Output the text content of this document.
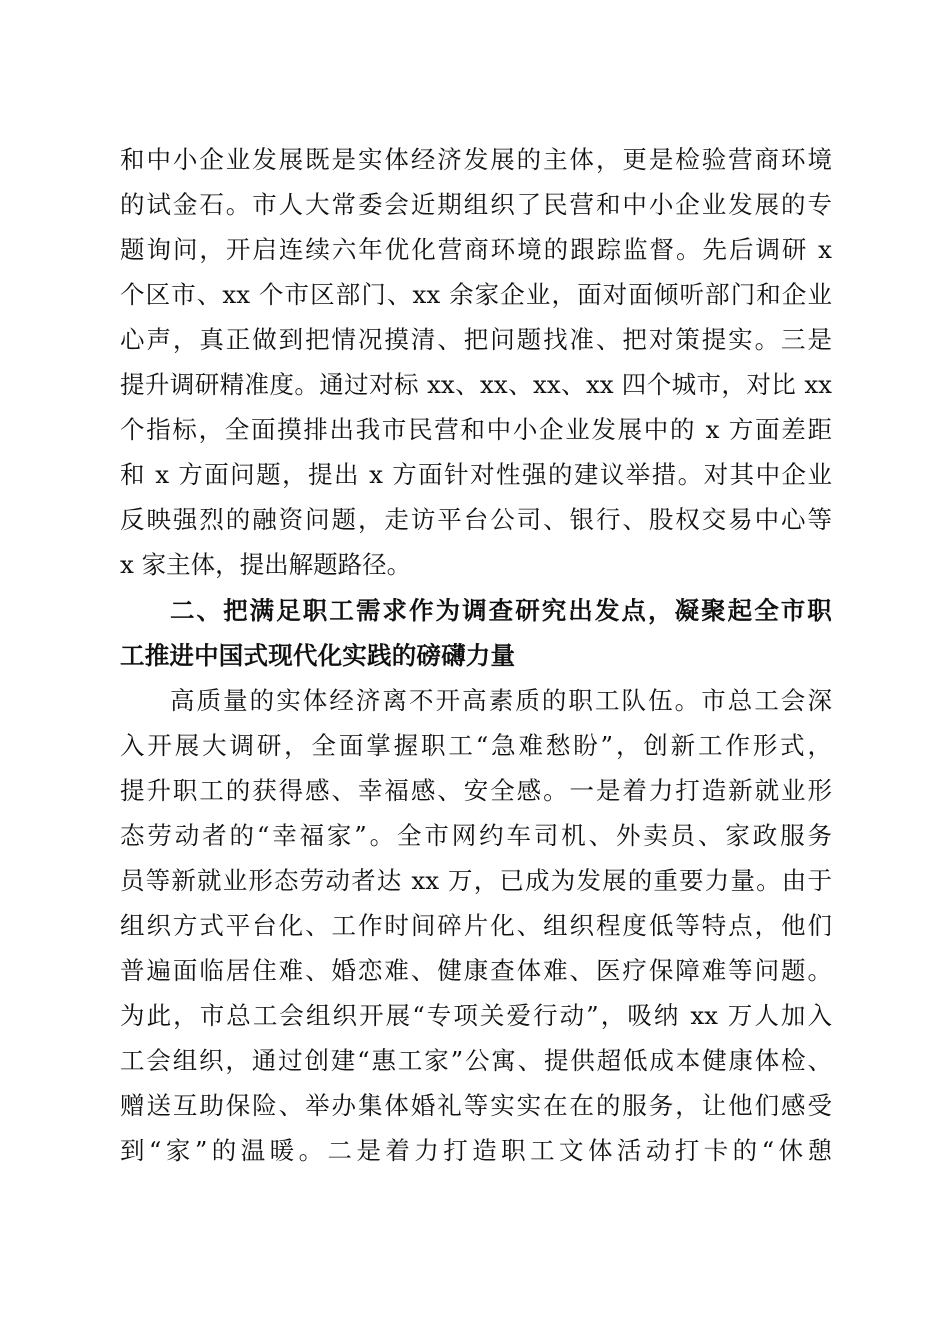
和中小企业发展既是实体经济发展的主体，更是检验营商环境
的试金石。市人大常委会近期组织了民营和中小企业发展的专
题询问，开启连续六年优化营商环境的跟踪监督。先后调研 x
个区市、xx 个市区部门、xx 余家企业，面对面倾听部门和企业
心声，真正做到把情况摸清、把问题找准、把对策提实。三是
提升调研精准度。通过对标 xx、xx、xx、xx 四个城市，对比 xx
个指标，全面摸排出我市民营和中小企业发展中的 x 方面差距
和 x 方面问题，提出 x 方面针对性强的建议举措。对其中企业
反映强烈的融资问题，走访平台公司、银行、股权交易中心等
x 家主体，提出解题路径。
二、把满足职工需求作为调查研究出发点，凝聚起全市职
工推进中国式现代化实践的磅礴力量
高质量的实体经济离不开高素质的职工队伍。市总工会深
入开展大调研，全面掌握职工“急难愁盼”，创新工作形式，
提升职工的获得感、幸福感、安全感。一是着力打造新就业形
态劳动者的“幸福家”。全市网约车司机、外卖员、家政服务
员等新就业形态劳动者达 xx 万，已成为发展的重要力量。由于
组织方式平台化、工作时间碎片化、组织程度低等特点，他们
普遍面临居住难、婚恋难、健康查体难、医疗保障难等问题。
为此，市总工会组织开展“专项关爱行动”，吸纳 xx 万人加入
工会组织，通过创建“惠工家”公寓、提供超低成本健康体检、
赠送互助保险、举办集体婚礼等实实在在的服务，让他们感受
到“家”的温暖。二是着力打造职工文体活动打卡的“休憩
